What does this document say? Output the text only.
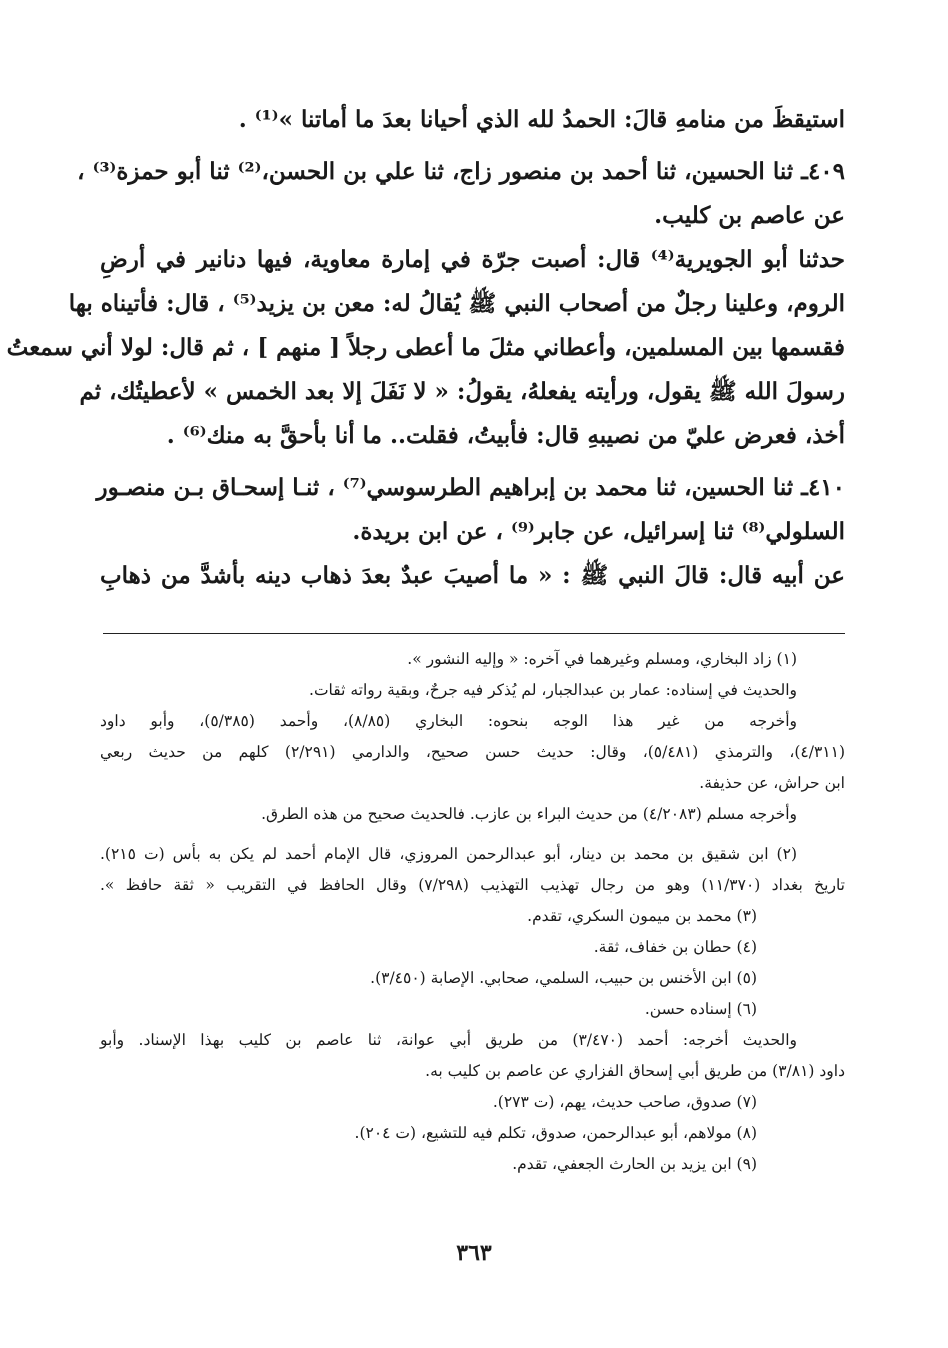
استيقظَ من منامهِ قالَ: الحمدُ لله الذي أحيانا بعدَ ما أماتنا »⁽¹⁾ .
٤٠٩ـ ثنا الحسين، ثنا أحمد بن منصور زاج، ثنا علي بن الحسن،⁽²⁾ ثنا أبو حمزة⁽³⁾ ،
عن عاصم بن كليب.
حدثنا أبو الجويرية⁽⁴⁾ قال: أصبت جرّة في إمارة معاوية، فيها دنانير في أرضِ
الروم، وعلينا رجلٌ من أصحاب النبي ﷺ يُقالُ له: معن بن يزيد⁽⁵⁾ ، قال: فأتيناه بها
فقسمها بين المسلمين، وأعطاني مثلَ ما أعطى رجلاً [ منهم ] ، ثم قال: لولا أني سمعتُ
رسولَ الله ﷺ يقول، ورأيته يفعلهُ، يقولُ: « لا نَفَلَ إلا بعد الخمس » لأعطيتُك، ثم
أخذ، فعرض عليّ من نصيبهِ قال: فأبيتُ، فقلت.. ما أنا بأحقَّ به منك⁽⁶⁾ .
٤١٠ـ ثنا الحسين، ثنا محمد بن إبراهيم الطرسوسي⁽⁷⁾ ، ثنـا إسحـاق بـن منصـور
السلولي⁽⁸⁾ ثنا إسرائيل، عن جابر⁽⁹⁾ ، عن ابن بريدة.
عن أبيه قال: قالَ النبي ﷺ : « ما أصيبَ عبدٌ بعدَ ذهاب دينه بأشدَّ من ذهابِ
(١) زاد البخاري، ومسلم وغيرهما في آخره: « وإليه النشور ».
والحديث في إسناده: عمار بن عبدالجبار، لم يُذكر فيه جرحٌ، وبقية رواته ثقات.
وأخرجه من غير هذا الوجه بنحوه: البخاري (٨/٨٥)، وأحمد (٥/٣٨٥)، وأبو داود
(٤/٣١١)، والترمذي (٥/٤٨١)، وقال: حديث حسن صحيح، والدارمي (٢/٢٩١) كلهم من حديث ربعي
ابن حراش، عن حذيفة.
وأخرجه مسلم (٤/٢٠٨٣) من حديث البراء بن عازب. فالحديث صحيح من هذه الطرق.
(٢) ابن شقيق بن محمد بن دينار، أبو عبدالرحمن المروزي، قال الإمام أحمد لم يكن به بأس (ت ٢١٥).
تاريخ بغداد (١١/٣٧٠) وهو من رجال تهذيب التهذيب (٧/٢٩٨) وقال الحافظ في التقريب « ثقة حافظ ».
(٣) محمد بن ميمون السكري، تقدم.
(٤) حطان بن خفاف، ثقة.
(٥) ابن الأخنس بن حبيب، السلمي، صحابي. الإصابة (٣/٤٥٠).
(٦) إسناده حسن.
والحديث أخرجه: أحمد (٣/٤٧٠) من طريق أبي عوانة، ثنا عاصم بن كليب بهذا الإسناد. وأبو
داود (٣/٨١) من طريق أبي إسحاق الفزاري عن عاصم بن كليب به.
(٧) صدوق، صاحب حديث، يهم، (ت ٢٧٣).
(٨) مولاهم، أبو عبدالرحمن، صدوق، تكلم فيه للتشيع، (ت ٢٠٤).
(٩) ابن يزيد بن الحارث الجعفي، تقدم.
٣٦٣
